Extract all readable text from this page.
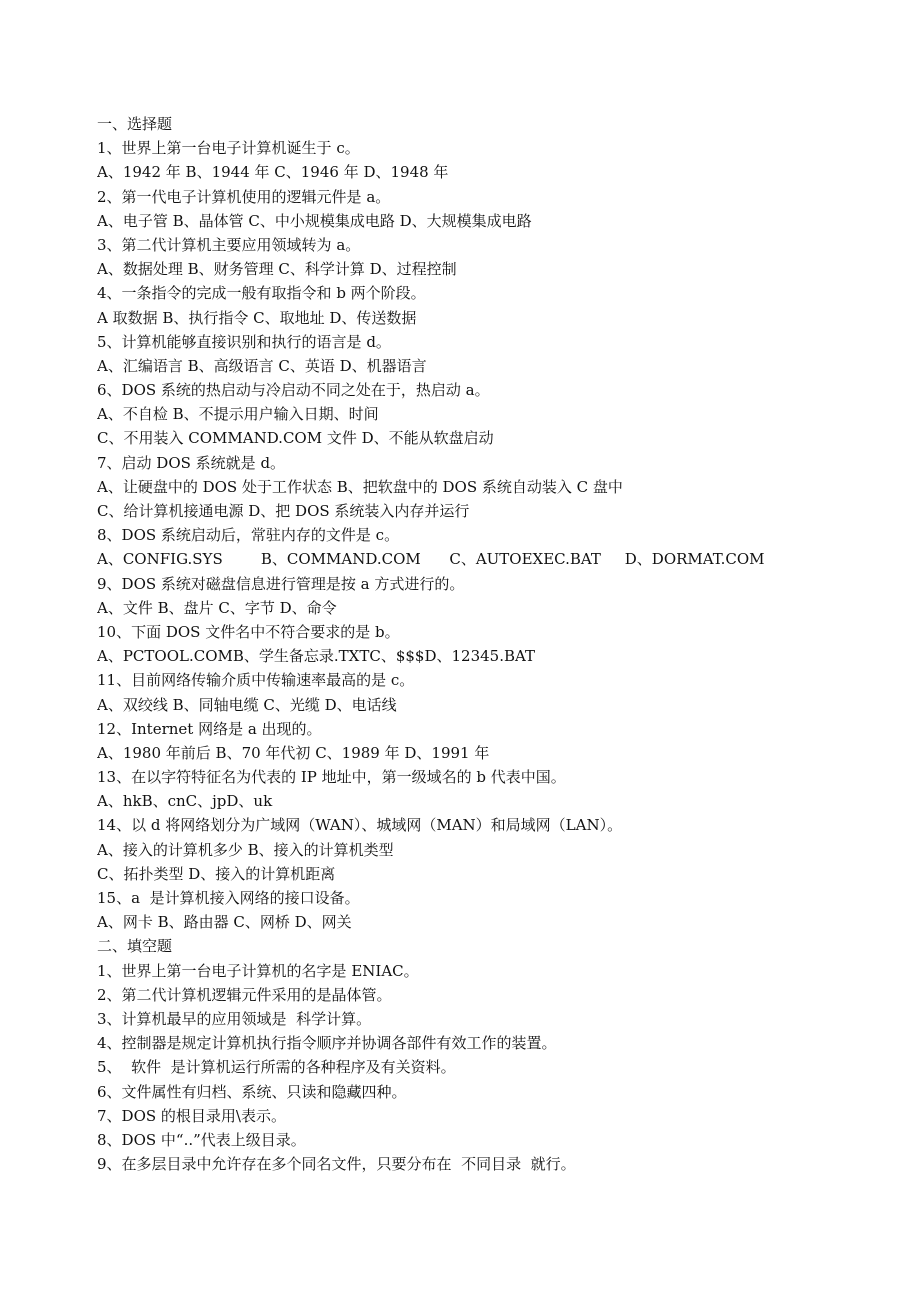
一、选择题
1、世界上第一台电子计算机诞生于 c。
A、1942 年 B、1944 年 C、1946 年 D、1948 年
2、第一代电子计算机使用的逻辑元件是 a。
A、电子管 B、晶体管 C、中小规模集成电路 D、大规模集成电路
3、第二代计算机主要应用领域转为 a。
A、数据处理 B、财务管理 C、科学计算 D、过程控制
4、一条指令的完成一般有取指令和 b 两个阶段。
A 取数据 B、执行指令 C、取地址 D、传送数据
5、计算机能够直接识别和执行的语言是 d。
A、汇编语言 B、高级语言 C、英语 D、机器语言
6、DOS 系统的热启动与冷启动不同之处在于，热启动 a。
A、不自检 B、不提示用户输入日期、时间
C、不用装入 COMMAND.COM 文件 D、不能从软盘启动
7、启动 DOS 系统就是 d。
A、让硬盘中的 DOS 处于工作状态 B、把软盘中的 DOS 系统自动装入 C 盘中
C、给计算机接通电源 D、把 DOS 系统装入内存并运行
8、DOS 系统启动后，常驻内存的文件是 c。
A、CONFIG.SYS        B、COMMAND.COM      C、AUTOEXEC.BAT     D、DORMAT.COM
9、DOS 系统对磁盘信息进行管理是按 a 方式进行的。
A、文件 B、盘片 C、字节 D、命令
10、下面 DOS 文件名中不符合要求的是 b。
A、PCTOOL.COMB、学生备忘录.TXTC、$$$D、12345.BAT
11、目前网络传输介质中传输速率最高的是 c。
A、双绞线 B、同轴电缆 C、光缆 D、电话线
12、Internet 网络是 a 出现的。
A、1980 年前后 B、70 年代初 C、1989 年 D、1991 年
13、在以字符特征名为代表的 IP 地址中，第一级域名的 b 代表中国。
A、hkB、cnC、jpD、uk
14、以 d 将网络划分为广域网（WAN）、城域网（MAN）和局域网（LAN）。
A、接入的计算机多少 B、接入的计算机类型
C、拓扑类型 D、接入的计算机距离
15、a  是计算机接入网络的接口设备。
A、网卡 B、路由器 C、网桥 D、网关
二、填空题
1、世界上第一台电子计算机的名字是 ENIAC。
2、第二代计算机逻辑元件采用的是晶体管。
3、计算机最早的应用领域是  科学计算。
4、控制器是规定计算机执行指令顺序并协调各部件有效工作的装置。
5、  软件  是计算机运行所需的各种程序及有关资料。
6、文件属性有归档、系统、只读和隐藏四种。
7、DOS 的根目录用\表示。
8、DOS 中“..”代表上级目录。
9、在多层目录中允许存在多个同名文件，只要分布在  不同目录  就行。
